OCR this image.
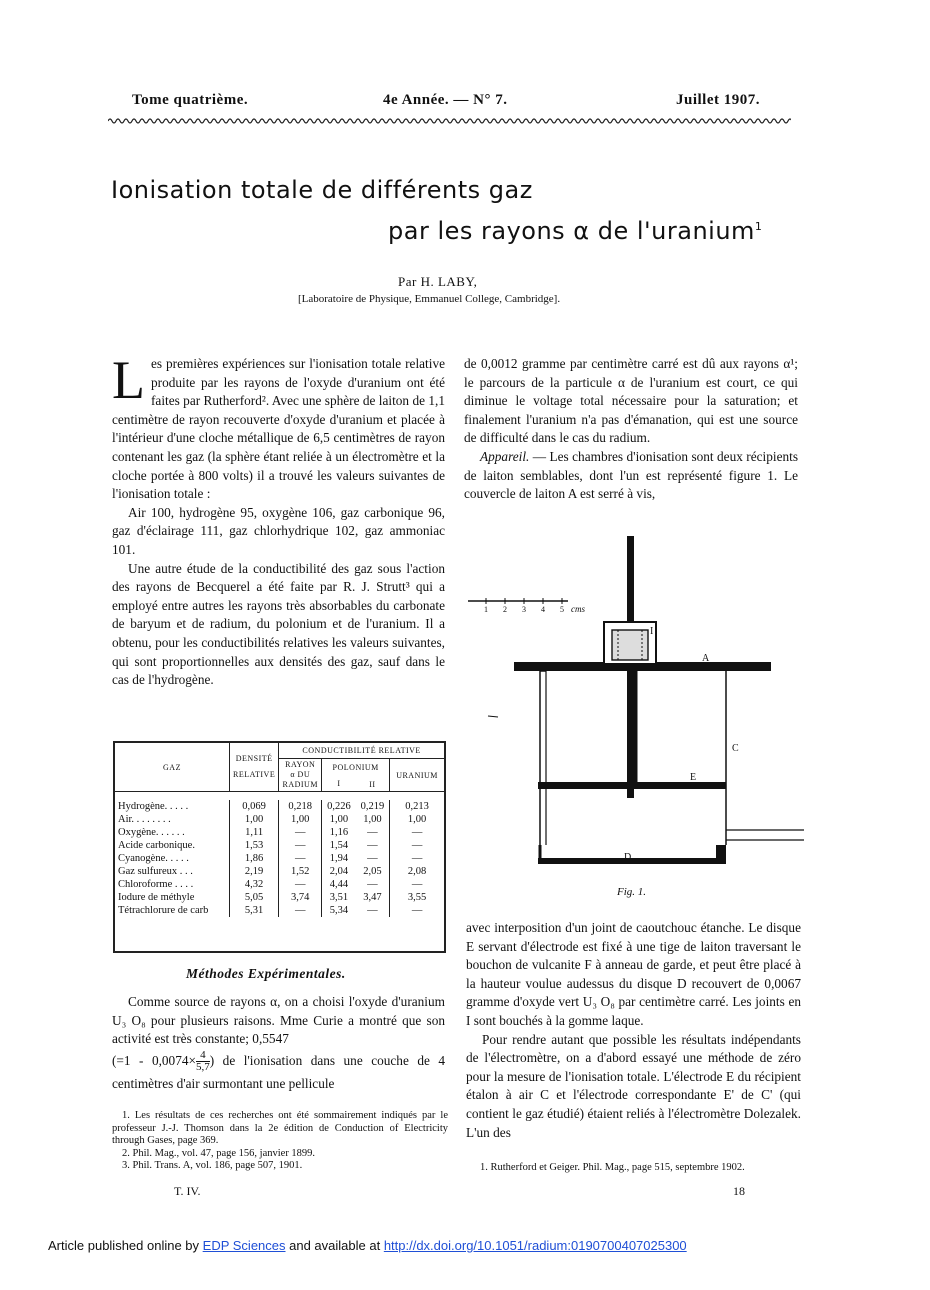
Tome quatrième.	4e Année. — N° 7.	Juillet 1907.
Ionisation totale de différents gaz
par les rayons α de l'uranium$^1$
Par H. LABY,
[Laboratoire de Physique, Emmanuel College, Cambridge].

Les premières expériences sur l'ionisation totale relative produite par les rayons de l'oxyde d'uranium ont été faites par Rutherford². Avec une sphère de laiton de 1,1 centimètre de rayon recouverte d'oxyde d'uranium et placée à l'intérieur d'une cloche métallique de 6,5 centimètres de rayon contenant les gaz (la sphère étant reliée à un électromètre et la cloche portée à 800 volts) il a trouvé les valeurs suivantes de l'ionisation totale :

Air 100, hydrogène 95, oxygène 106, gaz carbonique 96, gaz d'éclairage 111, gaz chlorhydrique 102, gaz ammoniac 101.

Une autre étude de la conductibilité des gaz sous l'action des rayons de Becquerel a été faite par R. J. Strutt³ qui a employé entre autres les rayons très absorbables du carbonate de baryum et de radium, du polonium et de l'uranium. Il a obtenu, pour les conductibilités relatives les valeurs suivantes, qui sont proportionnelles aux densités des gaz, sauf dans le cas de l'hydrogène.

GAZ	DENSITÉ RELATIVE	CONDUCTIBILITÉ RELATIVE			
		RAYON α DU RADIUM	POLONIUM		URANIUM
			I	II	

Hydrogène. . . . .	0,069	0,218	0,226	0,219	0,213
Air. . . . . . . .	1,00	1,00	1,00	1,00	1,00
Oxygène. . . . . .	1,11	—	1,16	—	—
Acide carbonique.	1,53	—	1,54	—	—
Cyanogène. . . . .	1,86	—	1,94	—	—
Gaz sulfureux . . .	2,19	1,52	2,04	2,05	2,08
Chloroforme . . . .	4,32	—	4,44	—	—
Iodure de méthyle	5,05	3,74	3,51	3,47	3,55
Tétrachlorure de carb	5,31	—	5,34	—	—
Méthodes Expérimentales.

Comme source de rayons α, on a choisi l'oxyde d'uranium U₃ O₈ pour plusieurs raisons. Mme Curie a montré que son activité est très constante; 0,5547

($=1 - 0,0074\times \frac{4}{5,7}$ ) de l'ionisation dans une couche de 4 centimètres d'air surmontant une pellicule

1. Les résultats de ces recherches ont été sommairement indiqués par le professeur J.-J. Thomson dans la 2e édition de Conduction of Electricity through Gases, page 369.
2. Phil. Mag., vol. 47, page 156, janvier 1899.
3. Phil. Trans. A, vol. 186, page 507, 1901.
T. IV.

de 0,0012 gramme par centimètre carré est dû aux rayons α¹; le parcours de la particule α de l'uranium est court, ce qui diminue le voltage total nécessaire pour la saturation; et finalement l'uranium n'a pas d'émanation, qui est une source de difficulté dans le cas du radium.

Appareil. — Les chambres d'ionisation sont deux récipients de laiton semblables, dont l'un est représenté figure 1. Le couvercle de laiton A est serré à vis,

1 2 3 4 5 cms
I
A
C
E
D
Fig. 1.

avec interposition d'un joint de caoutchouc étanche. Le disque E servant d'électrode est fixé à une tige de laiton traversant le bouchon de vulcanite F à anneau de garde, et peut être placé à la hauteur voulue audessus du disque D recouvert de 0,0067 gramme d'oxyde vert U₃ O₈ par centimètre carré. Les joints en I sont bouchés à la gomme laque.

Pour rendre autant que possible les résultats indépendants de l'électromètre, on a d'abord essayé une méthode de zéro pour la mesure de l'ionisation totale. L'électrode E du récipient étalon à air C et l'électrode correspondante E' de C' (qui contient le gaz étudié) étaient reliés à l'électromètre Dolezalek. L'un des

1. Rutherford et Geiger. Phil. Mag., page 515, septembre 1902.
18
Article published online by EDP Sciences and available at http://dx.doi.org/10.1051/radium:0190700407025300
